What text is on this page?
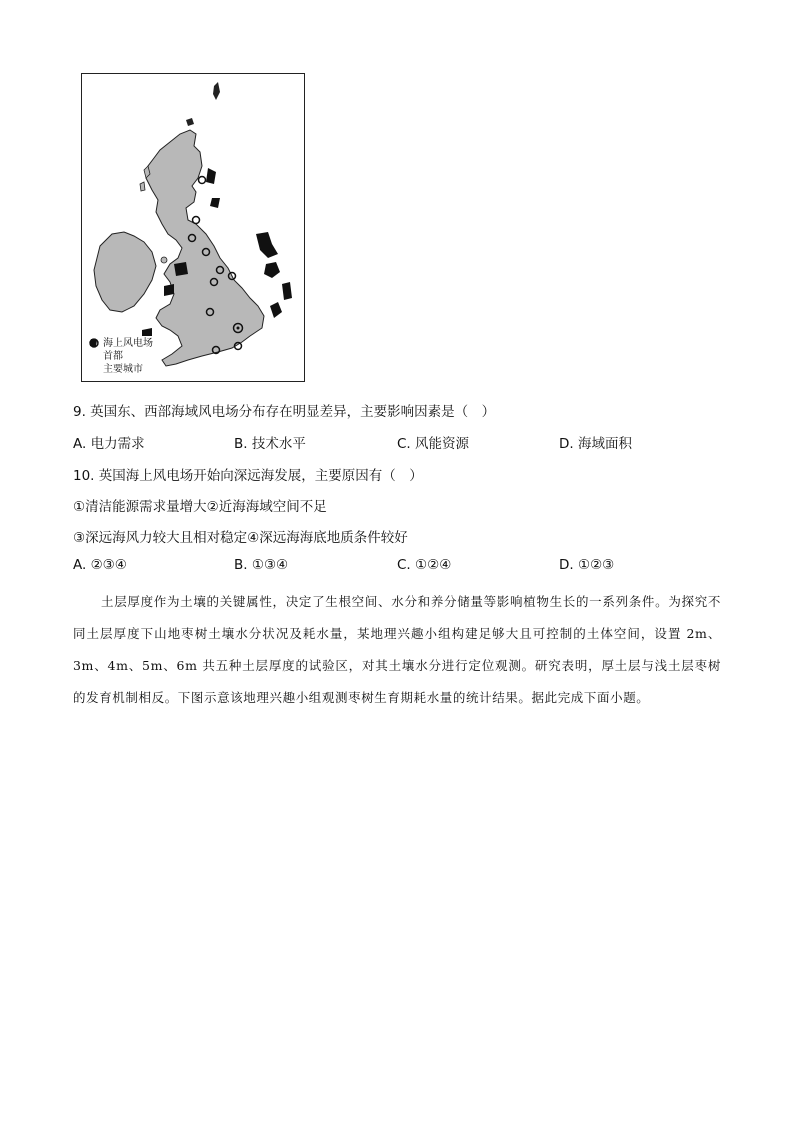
海上风电场
首都
主要城市
9. 英国东、西部海域风电场分布存在明显差异，主要影响因素是（　）
A. 电力需求	B. 技术水平	C. 风能资源	D. 海域面积
10. 英国海上风电场开始向深远海发展，主要原因有（　）
①清洁能源需求量增大②近海海域空间不足
③深远海风力较大且相对稳定④深远海海底地质条件较好
A. ②③④	B. ①③④	C. ①②④	D. ①②③
土层厚度作为土壤的关键属性，决定了生根空间、水分和养分储量等影响植物生长的一系列条件。为探究不同土层厚度下山地枣树土壤水分状况及耗水量，某地理兴趣小组构建足够大且可控制的土体空间，设置 2m、3m、4m、5m、6m 共五种土层厚度的试验区，对其土壤水分进行定位观测。研究表明，厚土层与浅土层枣树的发育机制相反。下图示意该地理兴趣小组观测枣树生育期耗水量的统计结果。据此完成下面小题。
